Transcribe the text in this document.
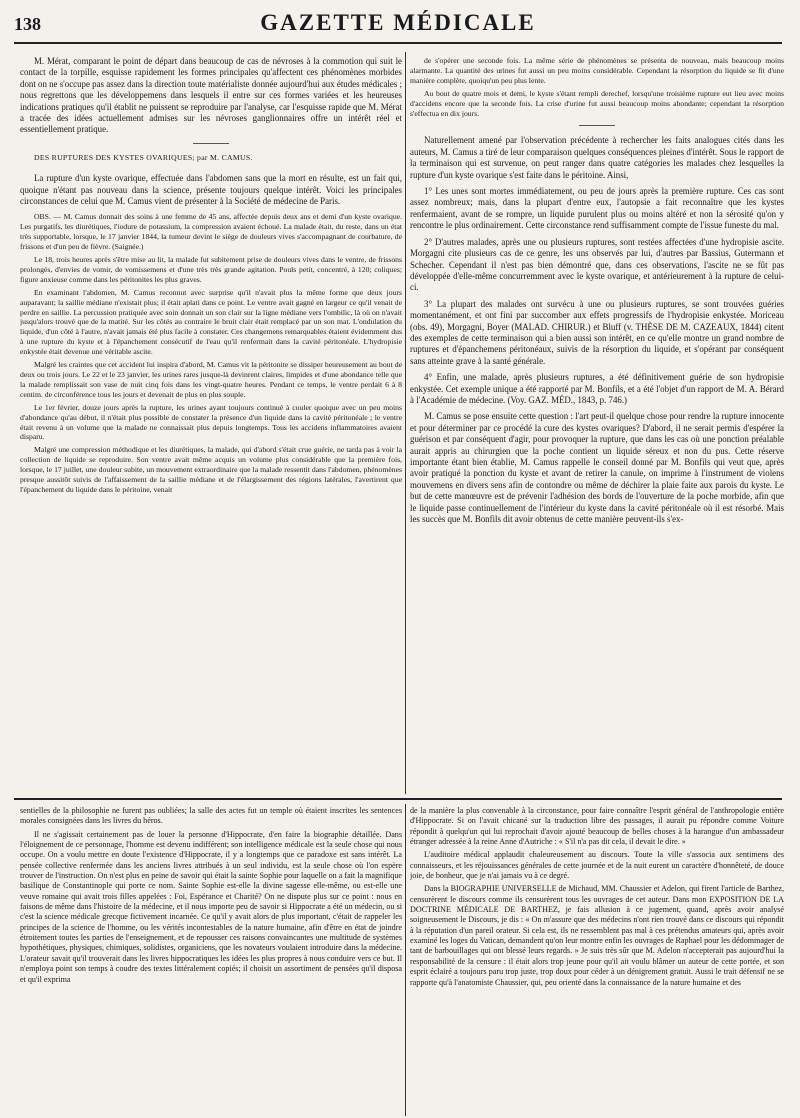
138	GAZETTE MÉDICALE

M. Mérat, comparant le point de départ dans beaucoup de cas de névroses à la commotion qui suit le contact de la torpille, esquisse rapidement les formes principales qu'affectent ces phénomènes morbides dont on ne s'occupe pas assez dans la direction toute matérialiste donnée aujourd'hui aux études médicales ; nous regrettons que les développemens dans lesquels il entre sur ces formes variées et les heureuses indications pratiques qu'il établit ne puissent se reproduire par l'analyse, car l'esquisse rapide que M. Mérat a tracée des idées actuellement admises sur les névroses ganglionnaires offre un intérêt réel et essentiellement pratique.

DES RUPTURES DES KYSTES OVARIQUES; par M. CAMUS.

La rupture d'un kyste ovarique, effectuée dans l'abdomen sans que la mort en résulte, est un fait qui, quoique n'étant pas nouveau dans la science, présente toujours quelque intérêt. Voici les principales circonstances de celui que M. Camus vient de présenter à la Société de médecine de Paris.

OBS. — M. Camus donnait des soins à une femme de 45 ans, affectée depuis deux ans et demi d'un kyste ovarique. Les purgatifs, les diurétiques, l'iodure de potassium, la compression avaient échoué. La malade était, du reste, dans un état très supportable, lorsque, le 17 janvier 1844, la tumeur devint le siège de douleurs vives s'accompagnant de courbature, de frissons et d'un peu de fièvre. (Saignée.)

Le 18, trois heures après s'être mise au lit, la malade fut subitement prise de douleurs vives dans le ventre, de frissons prolongés, d'envies de vomir, de vomissemens et d'une très très grande agitation. Pouls petit, concentré, à 120; coliques; figure anxieuse comme dans les péritonites les plus graves.

En examinant l'abdomen, M. Camus reconnut avec surprise qu'il n'avait plus la même forme que deux jours auparavant; la saillie médiane n'existait plus; il était aplati dans ce point. Le ventre avait gagné en largeur ce qu'il venait de perdre en saillie. La percussion pratiquée avec soin donnait un son clair sur la ligne médiane vers l'ombilic, là où on n'avait jusqu'alors trouvé que de la matité. Sur les côtés au contraire le bruit clair était remplacé par un son mat. L'ondulation du liquide, d'un côté à l'autre, n'avait jamais été plus facile à constater. Ces changemens remarquables étaient évidemment dus à une rupture du kyste et à l'épanchement consécutif de l'eau qu'il renfermait dans la cavité péritonéale. L'hydropisie enkystée était devenue une véritable ascite.

Malgré les craintes que cet accident lui inspira d'abord, M. Camus vit la péritonite se dissiper heureusement au bout de deux ou trois jours. Le 22 et le 23 janvier, les urines rares jusque-là devinrent claires, limpides et d'une abondance telle que la malade remplissait son vase de nuit cinq fois dans les vingt-quatre heures. Pendant ce temps, le ventre perdait 6 à 8 centim. de circonférence tous les jours et devenait de plus en plus souple.

Le 1er février, douze jours après la rupture, les urines ayant toujours continué à couler quoique avec un peu moins d'abondance qu'au début, il n'était plus possible de constater la présence d'un liquide dans la cavité péritonéale ; le ventre était revenu à un volume que la malade ne connaissait plus depuis longtemps. Tous les accidens inflammatoires avaient disparu.

Malgré une compression méthodique et les diurétiques, la malade, qui d'abord s'était crue guérie, ne tarda pas à voir la collection de liquide se reproduire. Son ventre avait même acquis un volume plus considérable que la première fois, lorsque, le 17 juillet, une douleur subite, un mouvement extraordinaire que la malade ressentit dans l'abdomen, phénomènes presque aussitôt suivis de l'affaissement de la saillie médiane et de l'élargissement des régions latérales, l'avertirent que l'épanchement du liquide dans le péritoine, venait

de s'opérer une seconde fois. La même série de phénomènes se présenta de nouveau, mais beaucoup moins alarmante. La quantité des urines fut aussi un peu moins considérable. Cependant la résorption du liquide se fit d'une manière complète, quoiqu'un peu plus lente.

Au bout de quatre mois et demi, le kyste s'étant rempli derechef, lorsqu'une troisième rupture eut lieu avec moins d'accidens encore que la seconde fois. La crise d'urine fut aussi beaucoup moins abondante; cependant la résorption s'effectua en dix jours.

Naturellement amené par l'observation précédente à rechercher les faits analogues cités dans les auteurs, M. Camus a tiré de leur comparaison quelques conséquences pleines d'intérêt. Sous le rapport de la terminaison qui est survenue, on peut ranger dans quatre catégories les malades chez lesquelles la rupture d'un kyste ovarique s'est faite dans le péritoine. Ainsi,

1° Les unes sont mortes immédiatement, ou peu de jours après la première rupture. Ces cas sont assez nombreux; mais, dans la plupart d'entre eux, l'autopsie a fait reconnaître que les kystes renfermaient, avant de se rompre, un liquide purulent plus ou moins altéré et non la sérosité qu'on y rencontre le plus ordinairement. Cette circonstance rend suffisamment compte de l'issue funeste du mal.

2° D'autres malades, après une ou plusieurs ruptures, sont restées affectées d'une hydropisie ascite. Morgagni cite plusieurs cas de ce genre, les uns observés par lui, d'autres par Bassius, Gutermann et Schecher. Cependant il n'est pas bien démontré que, dans ces observations, l'ascite ne se fût pas développée d'elle-même concurremment avec le kyste ovarique, et antérieurement à la rupture de celui-ci.

3° La plupart des malades ont survécu à une ou plusieurs ruptures, se sont trouvées guéries momentanément, et ont fini par succomber aux effets progressifs de l'hydropisie enkystée. Moriceau (obs. 49), Morgagni, Boyer (MALAD. CHIRUR.) et Bluff (v. THÈSE DE M. CAZEAUX, 1844) citent des exemples de cette terminaison qui a bien aussi son intérêt, en ce qu'elle montre un grand nombre de ruptures et d'épanchemens péritonéaux, suivis de la résorption du liquide, et s'opérant par conséquent sans atteinte grave à la santé générale.

4° Enfin, une malade, après plusieurs ruptures, a été définitivement guérie de son hydropisie enkystée. Cet exemple unique a été rapporté par M. Bonfils, et a été l'objet d'un rapport de M. A. Bérard à l'Académie de médecine. (Voy. GAZ. MÉD., 1843, p. 746.)

M. Camus se pose ensuite cette question : l'art peut-il quelque chose pour rendre la rupture innocente et pour déterminer par ce procédé la cure des kystes ovariques? D'abord, il ne serait permis d'espérer la guérison et par conséquent d'agir, pour provoquer la rupture, que dans les cas où une ponction préalable aurait appris au chirurgien que la poche contient un liquide séreux et non du pus. Cette réserve importante étant bien établie, M. Camus rappelle le conseil donné par M. Bonfils qui veut que, après avoir pratiqué la ponction du kyste et avant de retirer la canule, on imprime à l'instrument de violens mouvemens en divers sens afin de contondre ou même de déchirer la plaie faite aux parois du kyste. Le but de cette manœuvre est de prévenir l'adhésion des bords de l'ouverture de la poche morbide, afin que le liquide passe continuellement de l'intérieur du kyste dans la cavité péritonéale où il est résorbé. Mais les succès que M. Bonfils dit avoir obtenus de cette manière peuvent-ils s'ex-

sentielles de la philosophie ne furent pas oubliées; la salle des actes fut un temple où étaient inscrites les sentences morales consignées dans les livres du héros.

Il ne s'agissait certainement pas de louer la personne d'Hippocrate, d'en faire la biographie détaillée. Dans l'éloignement de ce personnage, l'homme est devenu indifférent; son intelligence médicale est la seule chose qui nous occupe. On a voulu mettre en doute l'existence d'Hippocrate, il y a longtemps que ce paradoxe est sans intérêt. La pensée collective renfermée dans les anciens livres attribués à un seul individu, est la seule chose où l'on espère trouver de l'instruction. On n'est plus en peine de savoir qui était la sainte Sophie pour laquelle on a fait la magnifique basilique de Constantinople qui porte ce nom. Sainte Sophie est-elle la divine sagesse elle-même, ou est-elle une veuve romaine qui avait trois filles appelées : Foi, Espérance et Charité? On ne dispute plus sur ce point : nous en faisons de même dans l'histoire de la médecine, et il nous importe peu de savoir si Hippocrate a été un médecin, ou si c'est la science médicale grecque fictivement incarnée. Ce qu'il y avait alors de plus important, c'était de rappeler les principes de la science de l'homme, ou les vérités incontestables de la nature humaine, afin d'être en état de joindre étroitement toutes les parties de l'enseignement, et de repousser ces raisons convaincantes une multitude de systèmes hypothétiques, physiques, chimiques, solidistes, organiciens, que les novateurs voulaient introduire dans la médecine. L'orateur savait qu'il trouverait dans les livres hippocratiques les idées les plus propres à nous conduire vers ce but. Il n'employa point son temps à coudre des textes littéralement copiés; il choisit un assortiment de pensées qu'il disposa et qu'il exprima

de la manière la plus convenable à la circonstance, pour faire connaître l'esprit général de l'anthropologie entière d'Hippocrate. Si on l'avait chicané sur la traduction libre des passages, il aurait pu répondre comme Voiture répondit à quelqu'un qui lui reprochait d'avoir ajouté beaucoup de belles choses à la harangue d'un ambassadeur étranger adressée à la reine Anne d'Autriche : « S'il n'a pas dit cela, il devait le dire. »

L'auditoire médical applaudit chaleureusement au discours. Toute la ville s'associa aux sentimens des connaisseurs, et les réjouissances générales de cette journée et de la nuit eurent un caractère d'honnêteté, de douce joie, de bonheur, que je n'ai jamais vu à ce degré.

Dans la BIOGRAPHIE UNIVERSELLE de Michaud, MM. Chaussier et Adelon, qui firent l'article de Barthez, censurèrent le discours comme ils censurèrent tous les ouvrages de cet auteur. Dans mon EXPOSITION DE LA DOCTRINE MÉDICALE DE BARTHEZ, je fais allusion à ce jugement, quand, après avoir analysé soigneusement le Discours, je dis : « On m'assure que des médecins n'ont rien trouvé dans ce discours qui répondit à la réputation d'un pareil orateur. Si cela est, ils ne ressemblent pas mal à ces prétendus amateurs qui, après avoir examiné les loges du Vatican, demandent qu'on leur montre enfin les ouvrages de Raphael pour les dédommager de tant de barbouillages qui ont blessé leurs regards. » Je suis très sûr que M. Adelon n'accepterait pas aujourd'hui la responsabilité de la censure : il était alors trop jeune pour qu'il ait voulu blâmer un auteur de cette portée, et son esprit éclairé a toujours paru trop juste, trop doux pour céder à un dénigrement gratuit. Aussi le trait défensif ne se rapporte qu'à l'anatomiste Chaussier, qui, peu orienté dans la connaissance de la nature humaine et des
